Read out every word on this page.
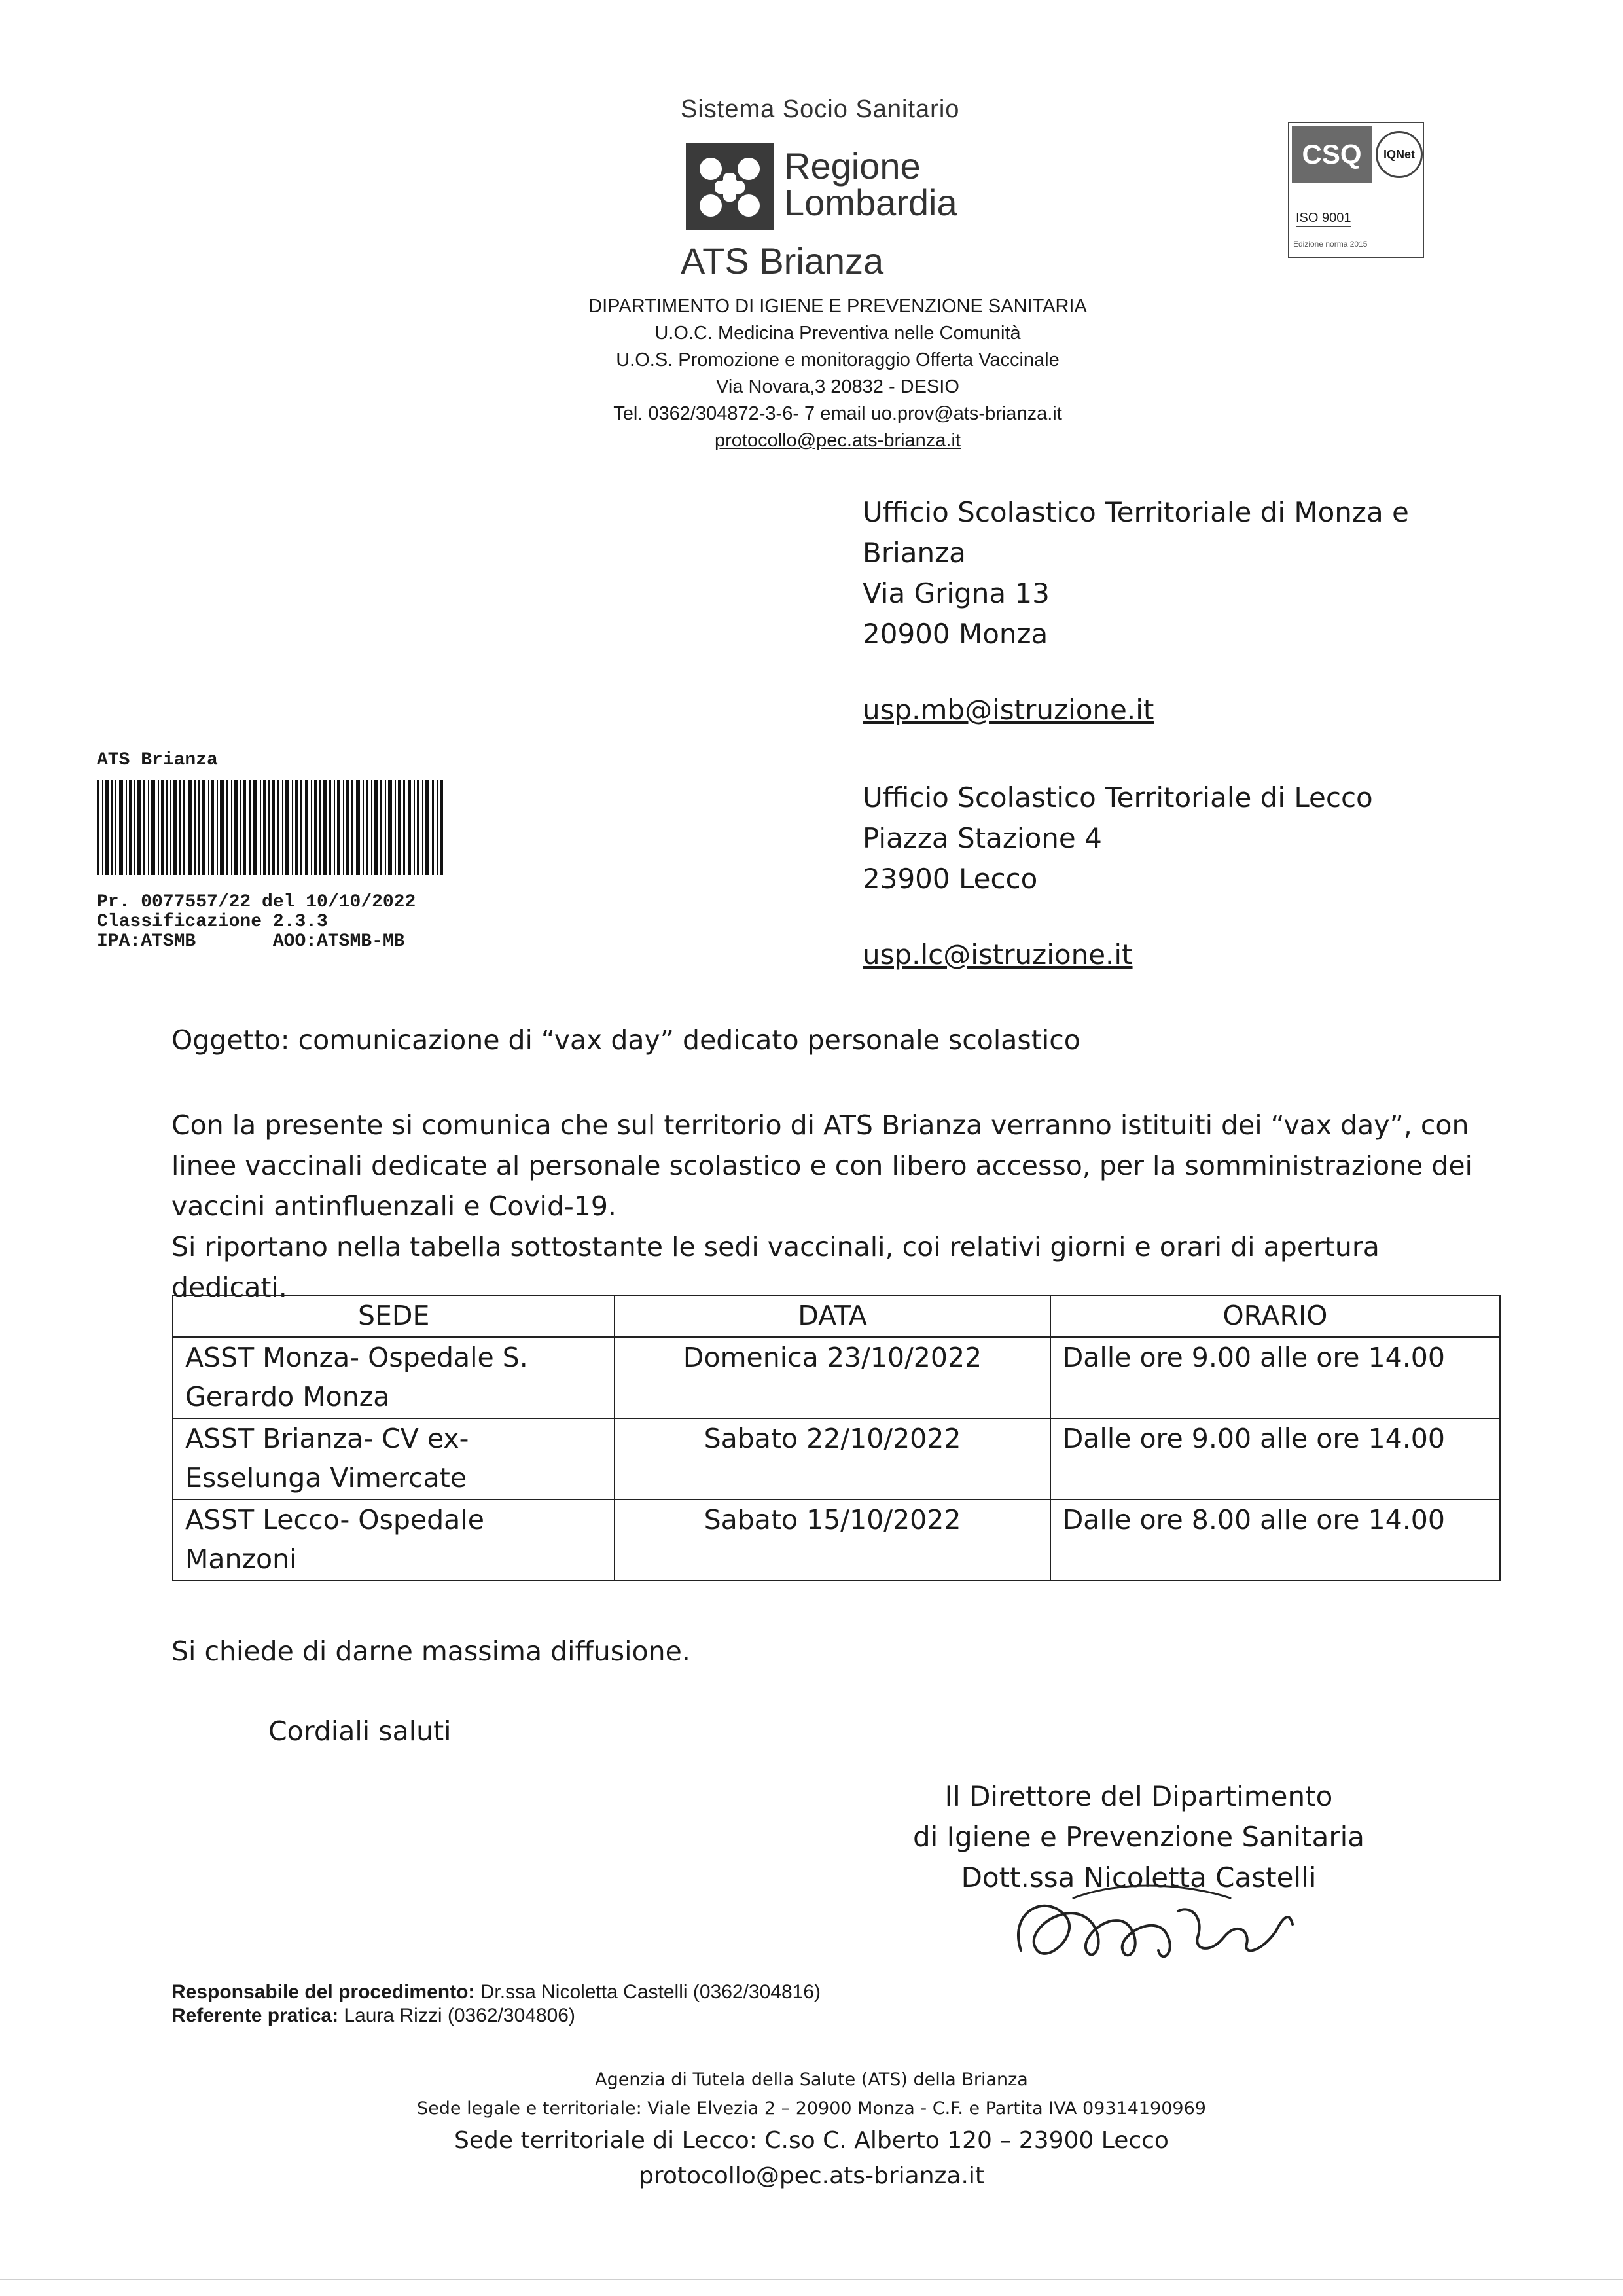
Sistema Socio Sanitario
Regione
Lombardia
ATS Brianza
DIPARTIMENTO DI IGIENE E PREVENZIONE SANITARIA
U.O.C. Medicina Preventiva nelle Comunità
U.O.S. Promozione e monitoraggio Offerta Vaccinale
Via Novara,3 20832 - DESIO
Tel. 0362/304872-3-6- 7 email uo.prov@ats-brianza.it
protocollo@pec.ats-brianza.it
CSQ	IQNet
ISO 9001
Edizione norma 2015
Ufficio Scolastico Territoriale di Monza e
Brianza
Via Grigna 13
20900 Monza
usp.mb@istruzione.it
Ufficio Scolastico Territoriale di Lecco
Piazza Stazione 4
23900 Lecco
usp.lc@istruzione.it
ATS Brianza
Pr. 0077557/22 del 10/10/2022
Classificazione 2.3.3
IPA:ATSMB       AOO:ATSMB-MB
Oggetto: comunicazione di “vax day” dedicato personale scolastico
Con la presente si comunica che sul territorio di ATS Brianza verranno istituiti dei “vax day”, con linee vaccinali dedicate al personale scolastico e con libero accesso, per la somministrazione dei vaccini antinfluenzali e Covid-19.
Si riportano nella tabella sottostante le sedi vaccinali, coi relativi giorni e orari di apertura dedicati.
SEDE	DATA	ORARIO
ASST Monza- Ospedale S. Gerardo Monza	Domenica 23/10/2022	Dalle ore 9.00 alle ore 14.00
ASST Brianza- CV ex-Esselunga Vimercate	Sabato 22/10/2022	Dalle ore 9.00 alle ore 14.00
ASST Lecco- Ospedale Manzoni	Sabato 15/10/2022	Dalle ore 8.00 alle ore 14.00
Si chiede di darne massima diffusione.
Cordiali saluti
Il Direttore del Dipartimento
di Igiene e Prevenzione Sanitaria
Dott.ssa Nicoletta Castelli
Responsabile del procedimento: Dr.ssa Nicoletta Castelli (0362/304816)
Referente pratica: Laura Rizzi (0362/304806)
Agenzia di Tutela della Salute (ATS) della Brianza
Sede legale e territoriale: Viale Elvezia 2 – 20900 Monza - C.F. e Partita IVA 09314190969
Sede territoriale di Lecco: C.so C. Alberto 120 – 23900 Lecco
protocollo@pec.ats-brianza.it
